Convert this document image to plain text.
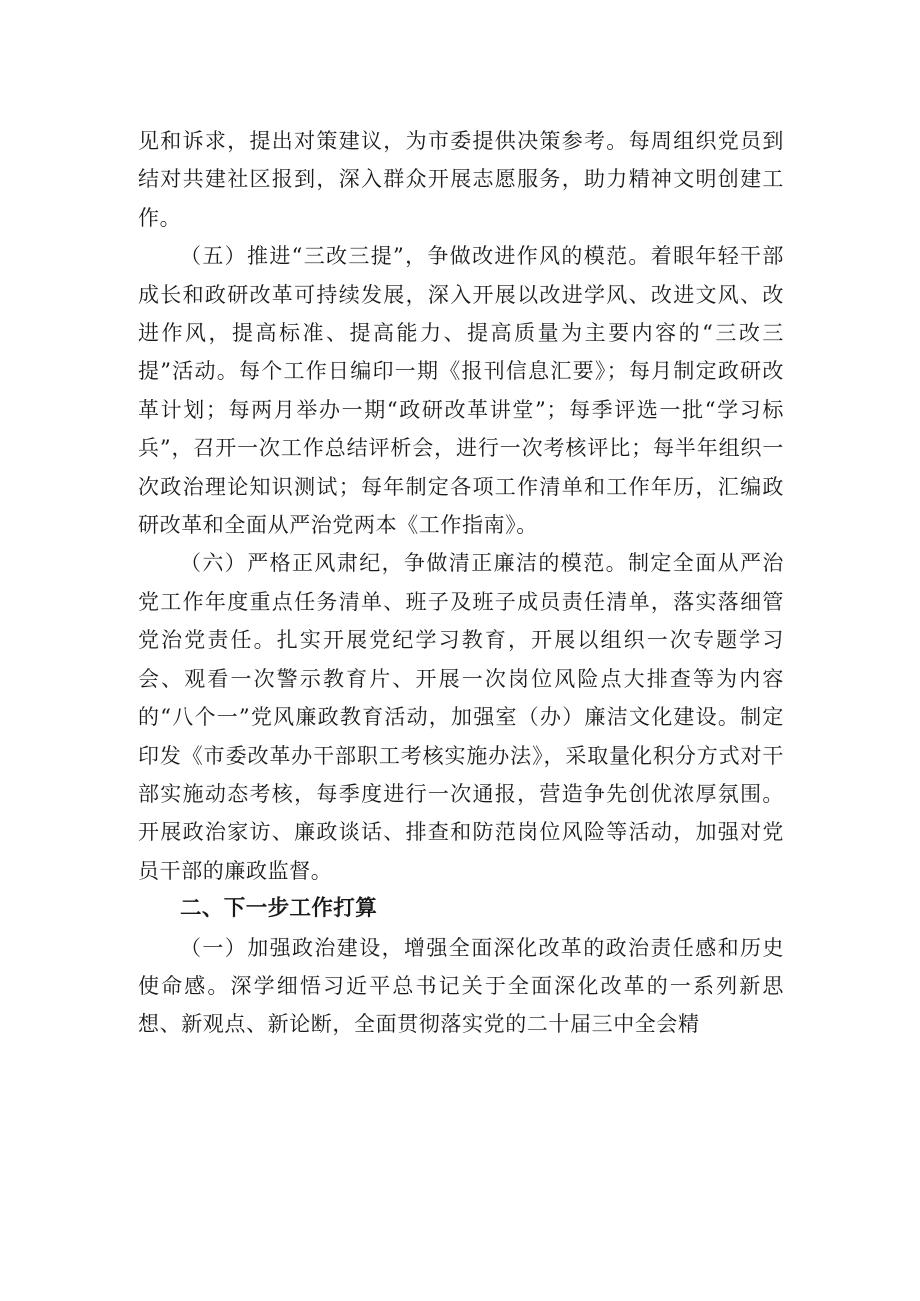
见和诉求，提出对策建议，为市委提供决策参考。每周组织党员到结对共建社区报到，深入群众开展志愿服务，助力精神文明创建工作。

（五）推进“三改三提”，争做改进作风的模范。着眼年轻干部成长和政研改革可持续发展，深入开展以改进学风、改进文风、改进作风，提高标准、提高能力、提高质量为主要内容的“三改三提”活动。每个工作日编印一期《报刊信息汇要》；每月制定政研改革计划；每两月举办一期“政研改革讲堂”；每季评选一批“学习标兵”，召开一次工作总结评析会，进行一次考核评比；每半年组织一次政治理论知识测试；每年制定各项工作清单和工作年历，汇编政研改革和全面从严治党两本《工作指南》。

（六）严格正风肃纪，争做清正廉洁的模范。制定全面从严治党工作年度重点任务清单、班子及班子成员责任清单，落实落细管党治党责任。扎实开展党纪学习教育，开展以组织一次专题学习会、观看一次警示教育片、开展一次岗位风险点大排查等为内容的“八个一”党风廉政教育活动，加强室（办）廉洁文化建设。制定印发《市委改革办干部职工考核实施办法》，采取量化积分方式对干部实施动态考核，每季度进行一次通报，营造争先创优浓厚氛围。开展政治家访、廉政谈话、排查和防范岗位风险等活动，加强对党员干部的廉政监督。

二、下一步工作打算

（一）加强政治建设，增强全面深化改革的政治责任感和历史使命感。深学细悟习近平总书记关于全面深化改革的一系列新思想、新观点、新论断，全面贯彻落实党的二十届三中全会精
